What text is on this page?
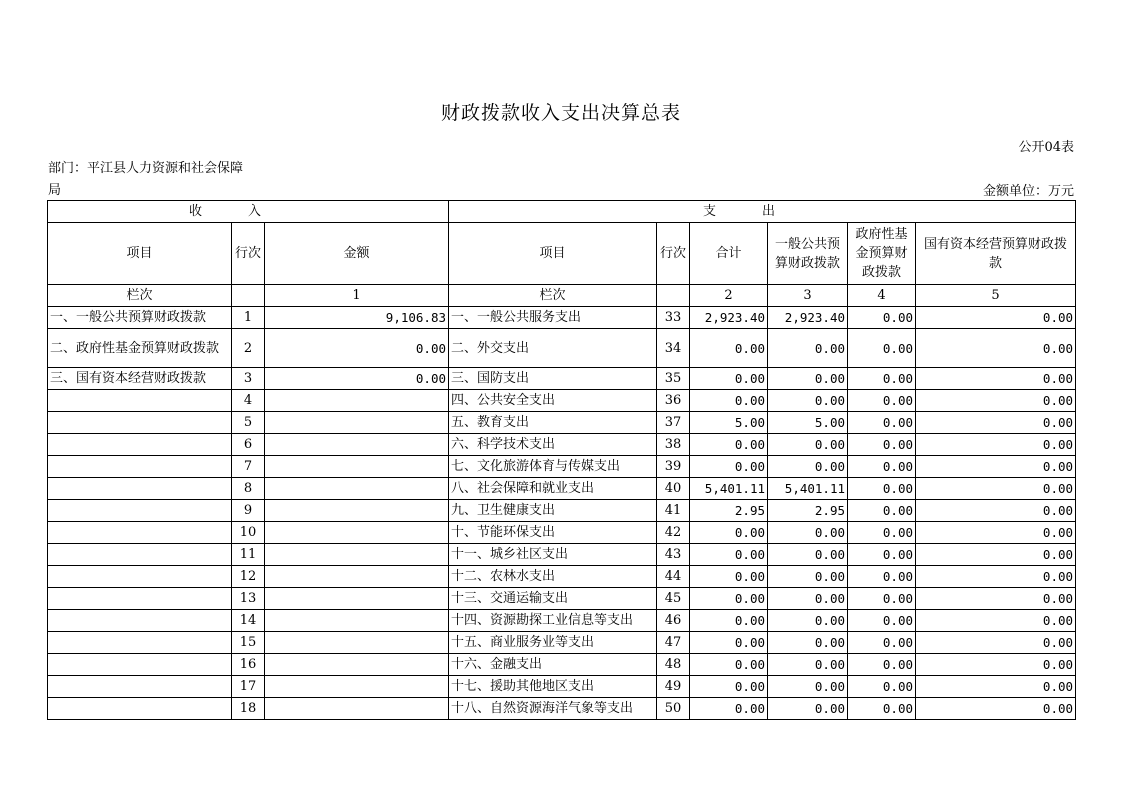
财政拨款收入支出决算总表
公开04表
部门：平江县人力资源和社会保障局	金额单位：万元
收入			支出					
项目	行次	金额	项目	行次	合计	一般公共预算财政拨款	政府性基金预算财政拨款	国有资本经营预算财政拨款
栏次		1	栏次		2	3	4	5
一、一般公共预算财政拨款	1	9,106.83	一、一般公共服务支出	33	2,923.40	2,923.40	0.00	0.00
二、政府性基金预算财政拨款	2	0.00	二、外交支出	34	0.00	0.00	0.00	0.00
三、国有资本经营财政拨款	3	0.00	三、国防支出	35	0.00	0.00	0.00	0.00
	4		四、公共安全支出	36	0.00	0.00	0.00	0.00
	5		五、教育支出	37	5.00	5.00	0.00	0.00
	6		六、科学技术支出	38	0.00	0.00	0.00	0.00
	7		七、文化旅游体育与传媒支出	39	0.00	0.00	0.00	0.00
	8		八、社会保障和就业支出	40	5,401.11	5,401.11	0.00	0.00
	9		九、卫生健康支出	41	2.95	2.95	0.00	0.00
	10		十、节能环保支出	42	0.00	0.00	0.00	0.00
	11		十一、城乡社区支出	43	0.00	0.00	0.00	0.00
	12		十二、农林水支出	44	0.00	0.00	0.00	0.00
	13		十三、交通运输支出	45	0.00	0.00	0.00	0.00
	14		十四、资源勘探工业信息等支出	46	0.00	0.00	0.00	0.00
	15		十五、商业服务业等支出	47	0.00	0.00	0.00	0.00
	16		十六、金融支出	48	0.00	0.00	0.00	0.00
	17		十七、援助其他地区支出	49	0.00	0.00	0.00	0.00
	18		十八、自然资源海洋气象等支出	50	0.00	0.00	0.00	0.00
